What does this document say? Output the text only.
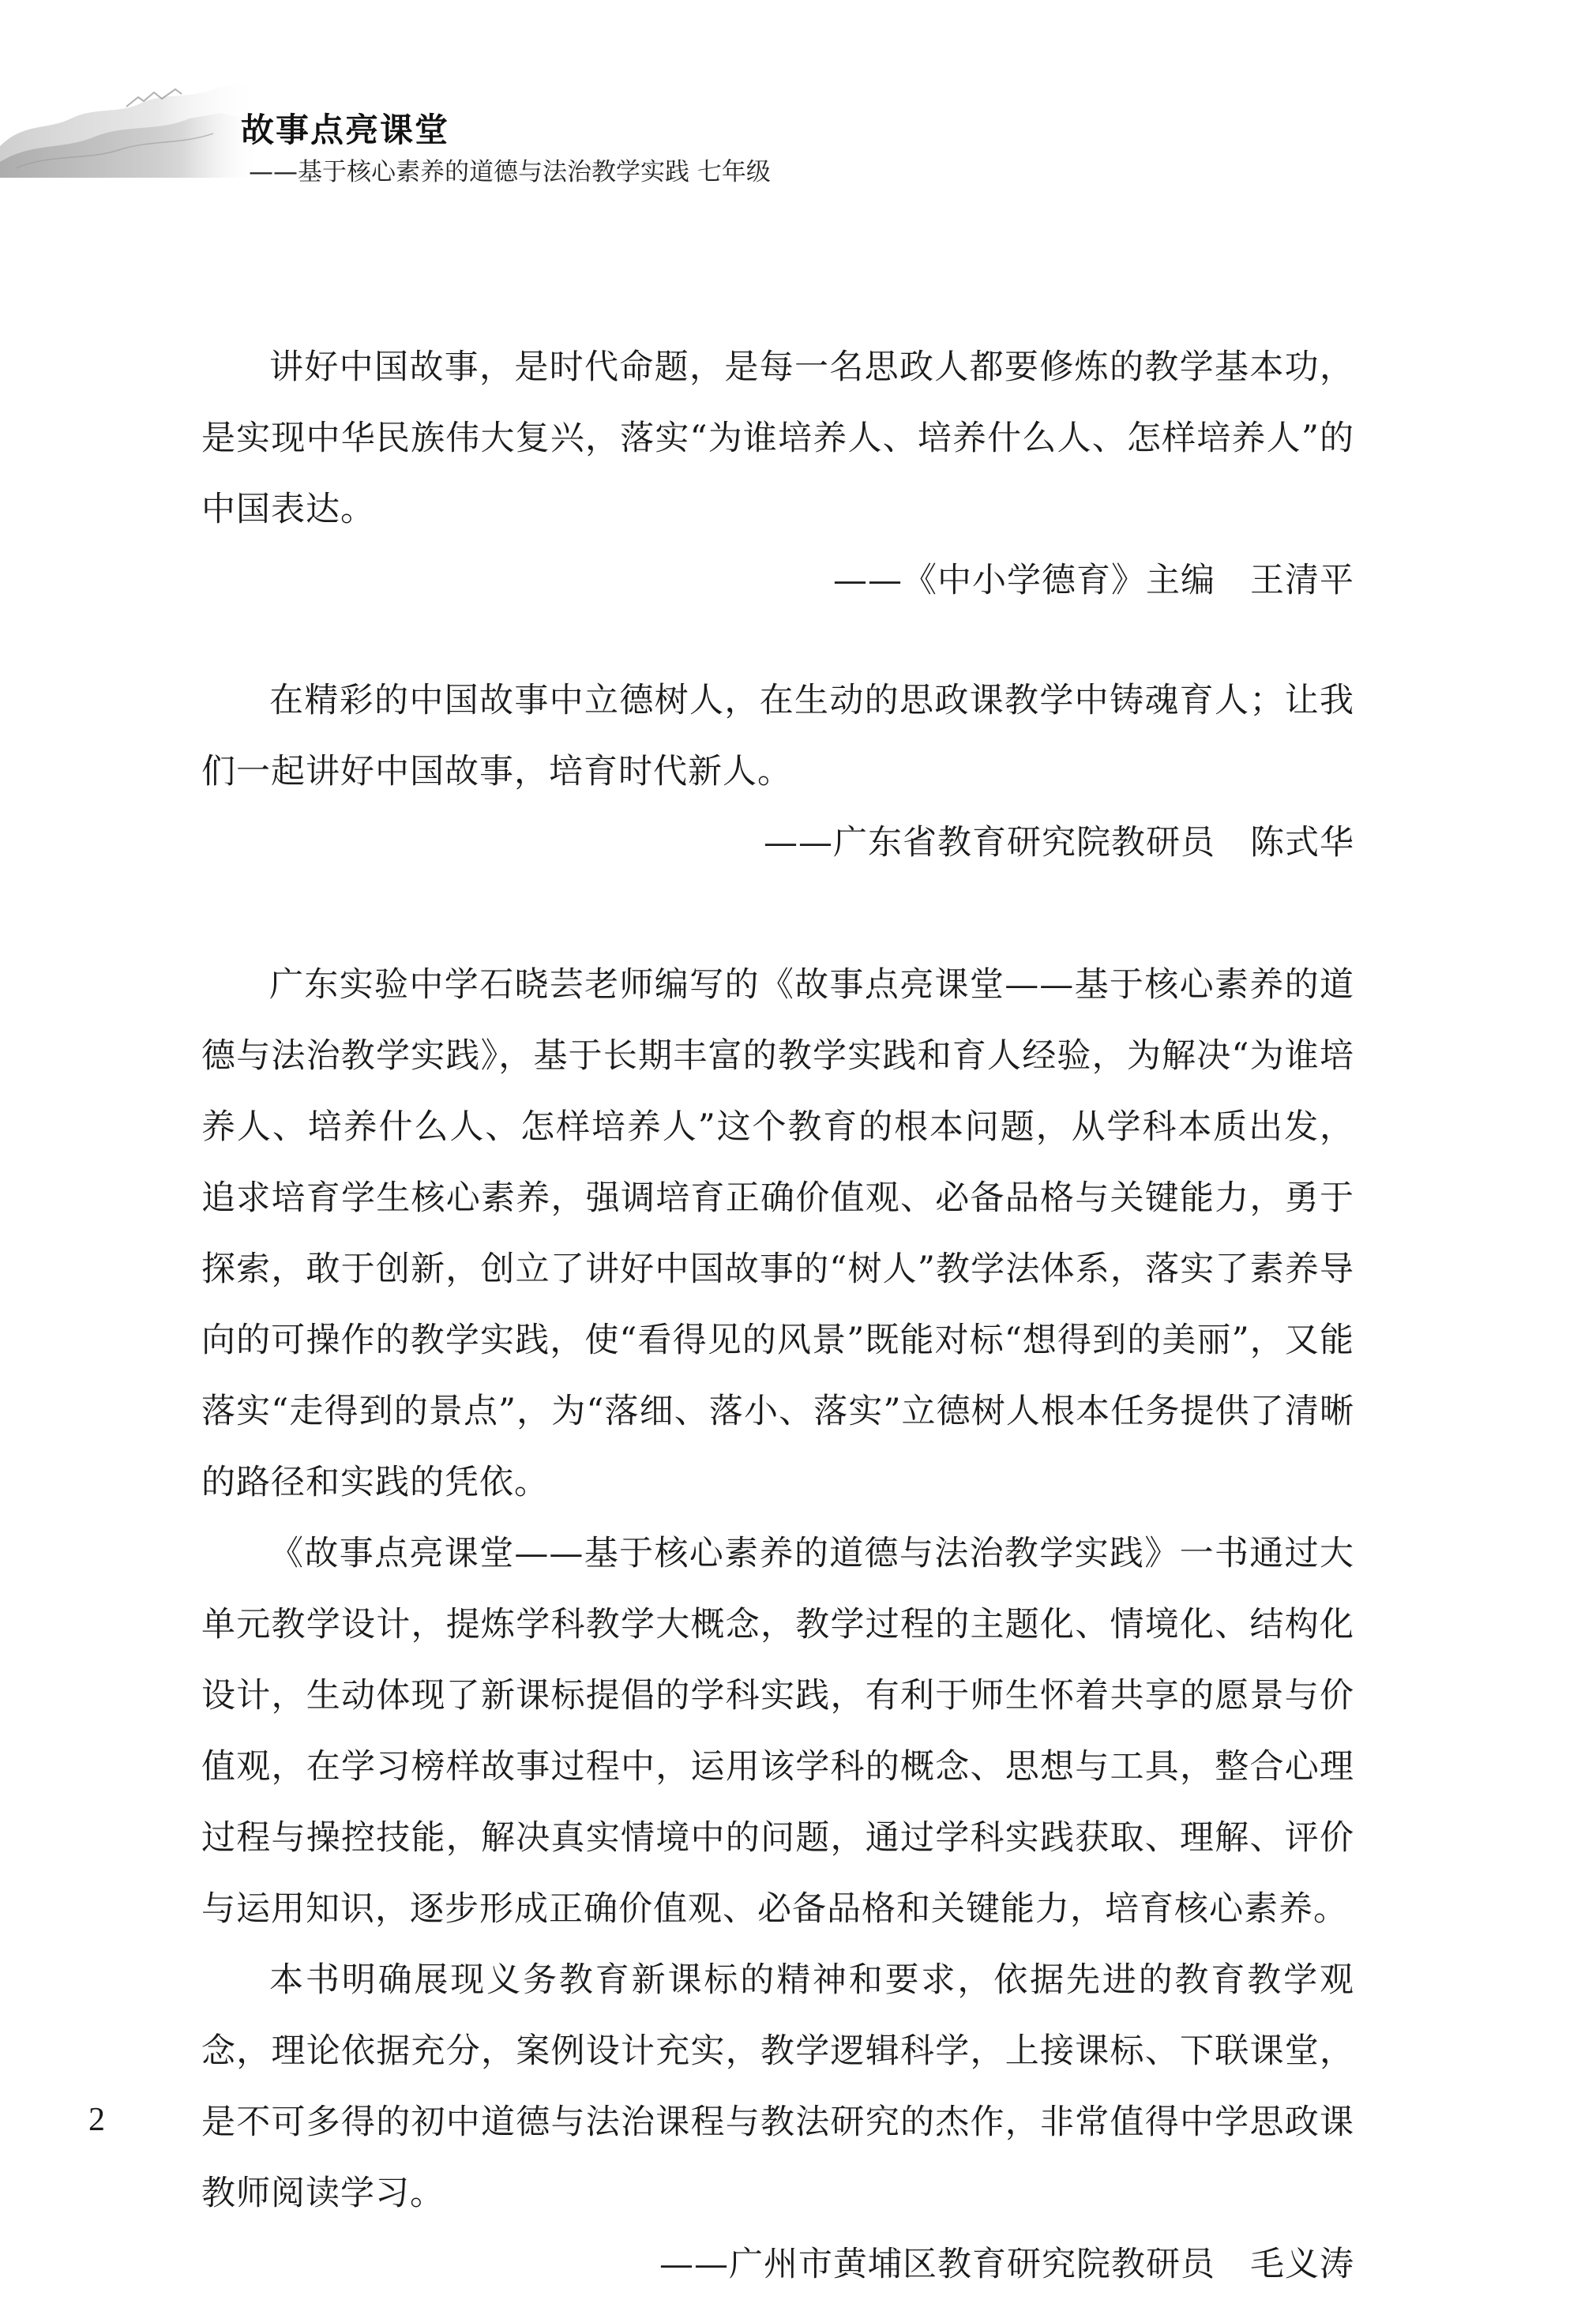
故事点亮课堂
——基于核心素养的道德与法治教学实践 七年级

讲好中国故事，是时代命题，是每一名思政人都要修炼的教学基本功，是实现中华民族伟大复兴，落实“为谁培养人、培养什么人、怎样培养人”的中国表达。

——《中小学德育》主编　王清平

在精彩的中国故事中立德树人，在生动的思政课教学中铸魂育人；让我们一起讲好中国故事，培育时代新人。

——广东省教育研究院教研员　陈式华

广东实验中学石晓芸老师编写的《故事点亮课堂——基于核心素养的道德与法治教学实践》，基于长期丰富的教学实践和育人经验，为解决“为谁培养人、培养什么人、怎样培养人”这个教育的根本问题，从学科本质出发，追求培育学生核心素养，强调培育正确价值观、必备品格与关键能力，勇于探索，敢于创新，创立了讲好中国故事的“树人”教学法体系，落实了素养导向的可操作的教学实践，使“看得见的风景”既能对标“想得到的美丽”，又能落实“走得到的景点”，为“落细、落小、落实”立德树人根本任务提供了清晰的路径和实践的凭依。

《故事点亮课堂——基于核心素养的道德与法治教学实践》一书通过大单元教学设计，提炼学科教学大概念，教学过程的主题化、情境化、结构化设计，生动体现了新课标提倡的学科实践，有利于师生怀着共享的愿景与价值观，在学习榜样故事过程中，运用该学科的概念、思想与工具，整合心理过程与操控技能，解决真实情境中的问题，通过学科实践获取、理解、评价与运用知识，逐步形成正确价值观、必备品格和关键能力，培育核心素养。

本书明确展现义务教育新课标的精神和要求，依据先进的教育教学观念，理论依据充分，案例设计充实，教学逻辑科学，上接课标、下联课堂，是不可多得的初中道德与法治课程与教法研究的杰作，非常值得中学思政课教师阅读学习。

——广州市黄埔区教育研究院教研员　毛义涛

2
